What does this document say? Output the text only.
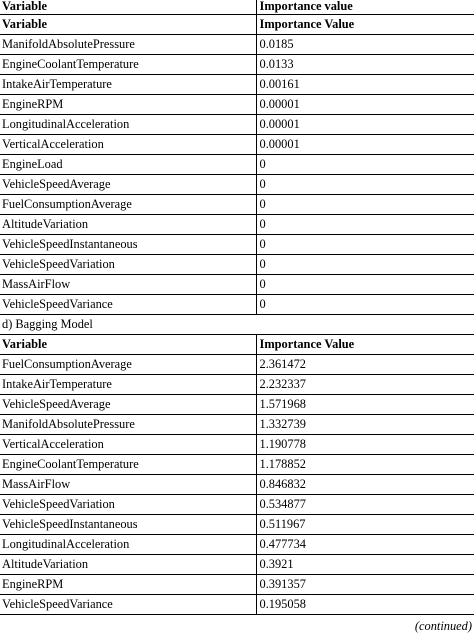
Variable	Importance value
Variable	Importance Value
ManifoldAbsolutePressure	0.0185
EngineCoolantTemperature	0.0133
IntakeAirTemperature	0.00161
EngineRPM	0.00001
LongitudinalAcceleration	0.00001
VerticalAcceleration	0.00001
EngineLoad	0
VehicleSpeedAverage	0
FuelConsumptionAverage	0
AltitudeVariation	0
VehicleSpeedInstantaneous	0
VehicleSpeedVariation	0
MassAirFlow	0
VehicleSpeedVariance	0
d) Bagging Model	
Variable	Importance Value
FuelConsumptionAverage	2.361472
IntakeAirTemperature	2.232337
VehicleSpeedAverage	1.571968
ManifoldAbsolutePressure	1.332739
VerticalAcceleration	1.190778
EngineCoolantTemperature	1.178852
MassAirFlow	0.846832
VehicleSpeedVariation	0.534877
VehicleSpeedInstantaneous	0.511967
LongitudinalAcceleration	0.477734
AltitudeVariation	0.3921
EngineRPM	0.391357
VehicleSpeedVariance	0.195058
(continued)
